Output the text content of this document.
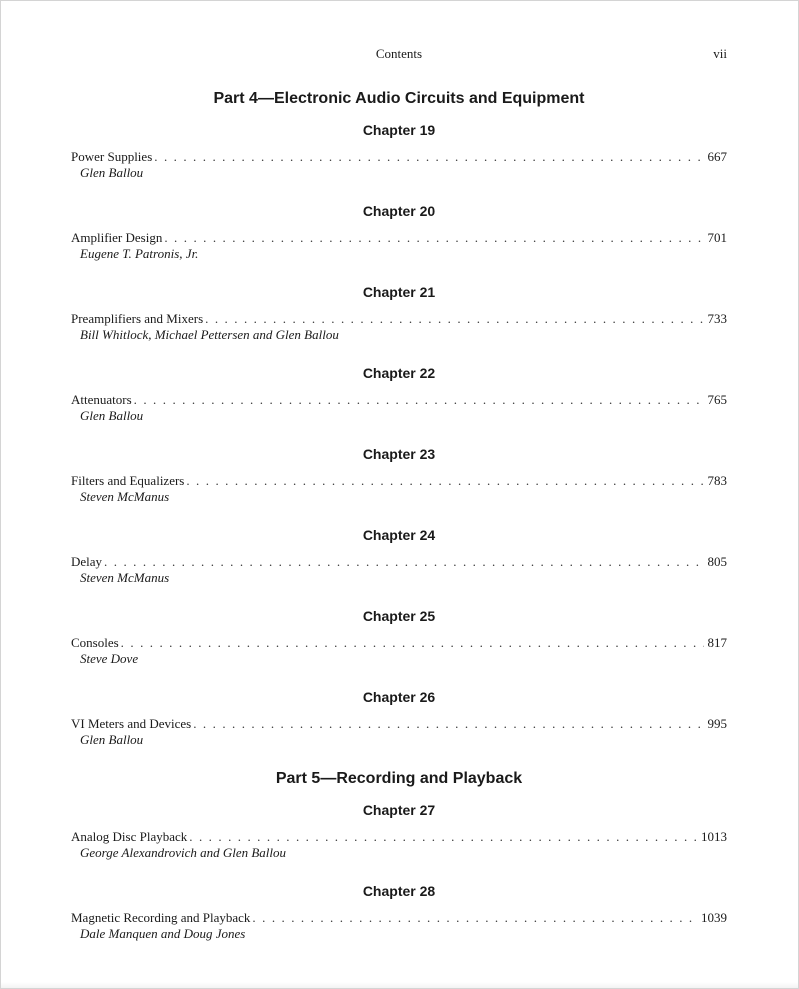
Contents	vii
Part 4—Electronic Audio Circuits and Equipment
Chapter 19
Power Supplies . . .	667
Glen Ballou
Chapter 20
Amplifier Design . . .	701
Eugene T. Patronis, Jr.
Chapter 21
Preamplifiers and Mixers . . .	733
Bill Whitlock, Michael Pettersen and Glen Ballou
Chapter 22
Attenuators . . .	765
Glen Ballou
Chapter 23
Filters and Equalizers . . .	783
Steven McManus
Chapter 24
Delay . . .	805
Steven McManus
Chapter 25
Consoles . . .	817
Steve Dove
Chapter 26
VI Meters and Devices . . .	995
Glen Ballou
Part 5—Recording and Playback
Chapter 27
Analog Disc Playback . . .	1013
George Alexandrovich and Glen Ballou
Chapter 28
Magnetic Recording and Playback . . .	1039
Dale Manquen and Doug Jones
